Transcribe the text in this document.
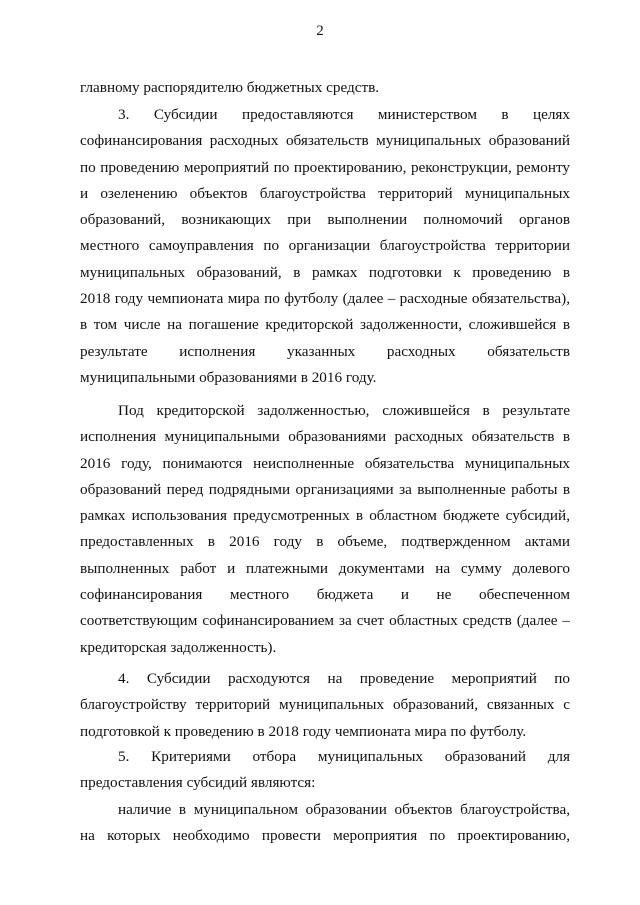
2
главному распорядителю бюджетных средств.
3. Субсидии предоставляются министерством в целях
софинансирования расходных обязательств муниципальных образований
по проведению мероприятий по проектированию, реконструкции, ремонту
и озеленению объектов благоустройства территорий муниципальных
образований, возникающих при выполнении полномочий органов
местного самоуправления по организации благоустройства территории
муниципальных образований, в рамках подготовки к проведению в
2018 году чемпионата мира по футболу (далее – расходные обязательства),
в том числе на погашение кредиторской задолженности, сложившейся в
результате исполнения указанных расходных обязательств
муниципальными образованиями в 2016 году.
Под кредиторской задолженностью, сложившейся в результате
исполнения муниципальными образованиями расходных обязательств в
2016 году, понимаются неисполненные обязательства муниципальных
образований перед подрядными организациями за выполненные работы в
рамках использования предусмотренных в областном бюджете субсидий,
предоставленных в 2016 году в объеме, подтвержденном актами
выполненных работ и платежными документами на сумму долевого
софинансирования местного бюджета и не обеспеченном
соответствующим софинансированием за счет областных средств (далее –
кредиторская задолженность).
4. Субсидии расходуются на проведение мероприятий по
благоустройству территорий муниципальных образований, связанных с
подготовкой к проведению в 2018 году чемпионата мира по футболу.
5. Критериями отбора муниципальных образований для
предоставления субсидий являются:
наличие в муниципальном образовании объектов благоустройства,
на которых необходимо провести мероприятия по проектированию,
